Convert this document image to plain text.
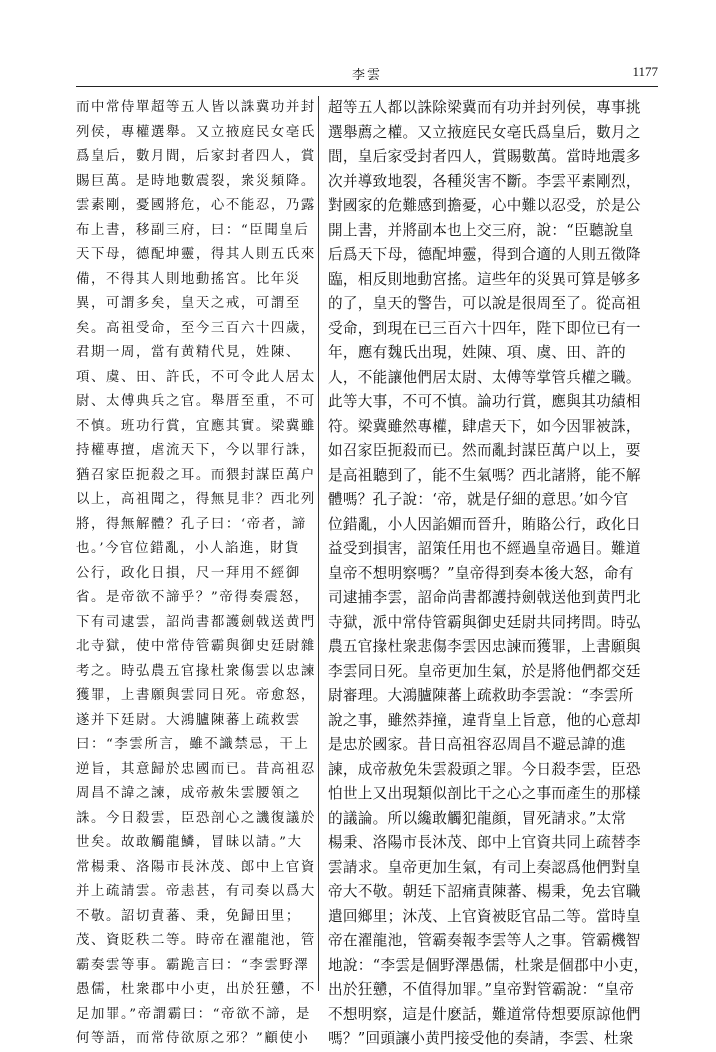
李雲	1177
而中常侍單超等五人皆以誅冀功并封
列侯，專權選舉。又立掖庭民女亳氏
爲皇后，數月間，后家封者四人，賞
賜巨萬。是時地數震裂，衆災頻降。
雲素剛，憂國將危，心不能忍，乃露
布上書，移副三府，曰：“臣聞皇后
天下母，德配坤靈，得其人則五氏來
備，不得其人則地動搖宮。比年災
異，可謂多矣，皇天之戒，可謂至
矣。高祖受命，至今三百六十四歲，
君期一周，當有黄精代見，姓陳、
項、虞、田、許氏，不可令此人居太
尉、太傅典兵之官。舉厝至重，不可
不慎。班功行賞，宜應其實。梁冀雖
持權專擅，虐流天下，今以罪行誅，
猶召家臣扼殺之耳。而猥封謀臣萬户
以上，高祖聞之，得無見非？西北列
將，得無解體？孔子曰：‘帝者，諦
也。’今官位錯亂，小人諂進，財貨
公行，政化日損，尺一拜用不經御
省。是帝欲不諦乎？”帝得奏震怒，
下有司逮雲，詔尚書都護劍戟送黄門
北寺獄，使中常侍管霸與御史廷尉雜
考之。時弘農五官掾杜衆傷雲以忠諫
獲罪，上書願與雲同日死。帝愈怒，
遂并下廷尉。大鴻臚陳蕃上疏救雲
曰：“李雲所言，雖不識禁忌，干上
逆旨，其意歸於忠國而已。昔高祖忍
周昌不諱之諫，成帝赦朱雲腰領之
誅。今日殺雲，臣恐剖心之譏復議於
世矣。故敢觸龍鱗，冒昧以請。”大
常楊秉、洛陽市長沐茂、郎中上官資
并上疏請雲。帝恚甚，有司奏以爲大
不敬。詔切責蕃、秉，免歸田里；
茂、資貶秩二等。時帝在濯龍池，管
霸奏雲等事。霸跪言曰：“李雲野澤
愚儒，杜衆郡中小吏，出於狂戇，不
足加罪。”帝謂霸曰：“帝欲不諦，是
何等語，而常侍欲原之邪？”顧使小
超等五人都以誅除梁冀而有功并封列侯，專事挑
選舉薦之權。又立掖庭民女亳氏爲皇后，數月之
間，皇后家受封者四人，賞賜數萬。當時地震多
次并導致地裂，各種災害不斷。李雲平素剛烈，
對國家的危難感到擔憂，心中難以忍受，於是公
開上書，并將副本也上交三府，說：“臣聽說皇
后爲天下母，德配坤靈，得到合適的人則五徵降
臨，相反則地動宮搖。這些年的災異可算是够多
的了，皇天的警告，可以說是很周至了。從高祖
受命，到現在已三百六十四年，陛下即位已有一
年，應有魏氏出現，姓陳、項、虞、田、許的
人，不能讓他們居太尉、太傅等掌管兵權之職。
此等大事，不可不慎。論功行賞，應與其功績相
符。梁冀雖然專權，肆虐天下，如今因罪被誅，
如召家臣扼殺而已。然而亂封謀臣萬户以上，要
是高祖聽到了，能不生氣嗎？西北諸將，能不解
體嗎？孔子說：‘帝，就是仔細的意思。’如今官
位錯亂，小人因諂媚而晉升，賄賂公行，政化日
益受到損害，詔策任用也不經過皇帝過目。難道
皇帝不想明察嗎？”皇帝得到奏本後大怒，命有
司逮捕李雲，詔命尚書都護持劍戟送他到黄門北
寺獄，派中常侍管霸與御史廷尉共同拷問。時弘
農五官掾杜衆悲傷李雲因忠諫而獲罪，上書願與
李雲同日死。皇帝更加生氣，於是將他們都交廷
尉審理。大鴻臚陳蕃上疏救助李雲說：“李雲所
說之事，雖然莽撞，違背皇上旨意，他的心意却
是忠於國家。昔日高祖容忍周昌不避忌諱的進
諫，成帝赦免朱雲殺頭之罪。今日殺李雲，臣恐
怕世上又出現類似剖比干之心之事而產生的那樣
的議論。所以纔敢觸犯龍顔，冒死請求。”太常
楊秉、洛陽市長沐茂、郎中上官資共同上疏替李
雲請求。皇帝更加生氣，有司上奏認爲他們對皇
帝大不敬。朝廷下詔痛責陳蕃、楊秉，免去官職
遣回鄉里；沐茂、上官資被貶官品二等。當時皇
帝在濯龍池，管霸奏報李雲等人之事。管霸機智
地說：“李雲是個野澤愚儒，杜衆是個郡中小吏，
出於狂戇，不值得加罪。”皇帝對管霸說：“皇帝
不想明察，這是什麽話，難道常侍想要原諒他們
嗎？”回頭讓小黄門接受他的奏請，李雲、杜衆
